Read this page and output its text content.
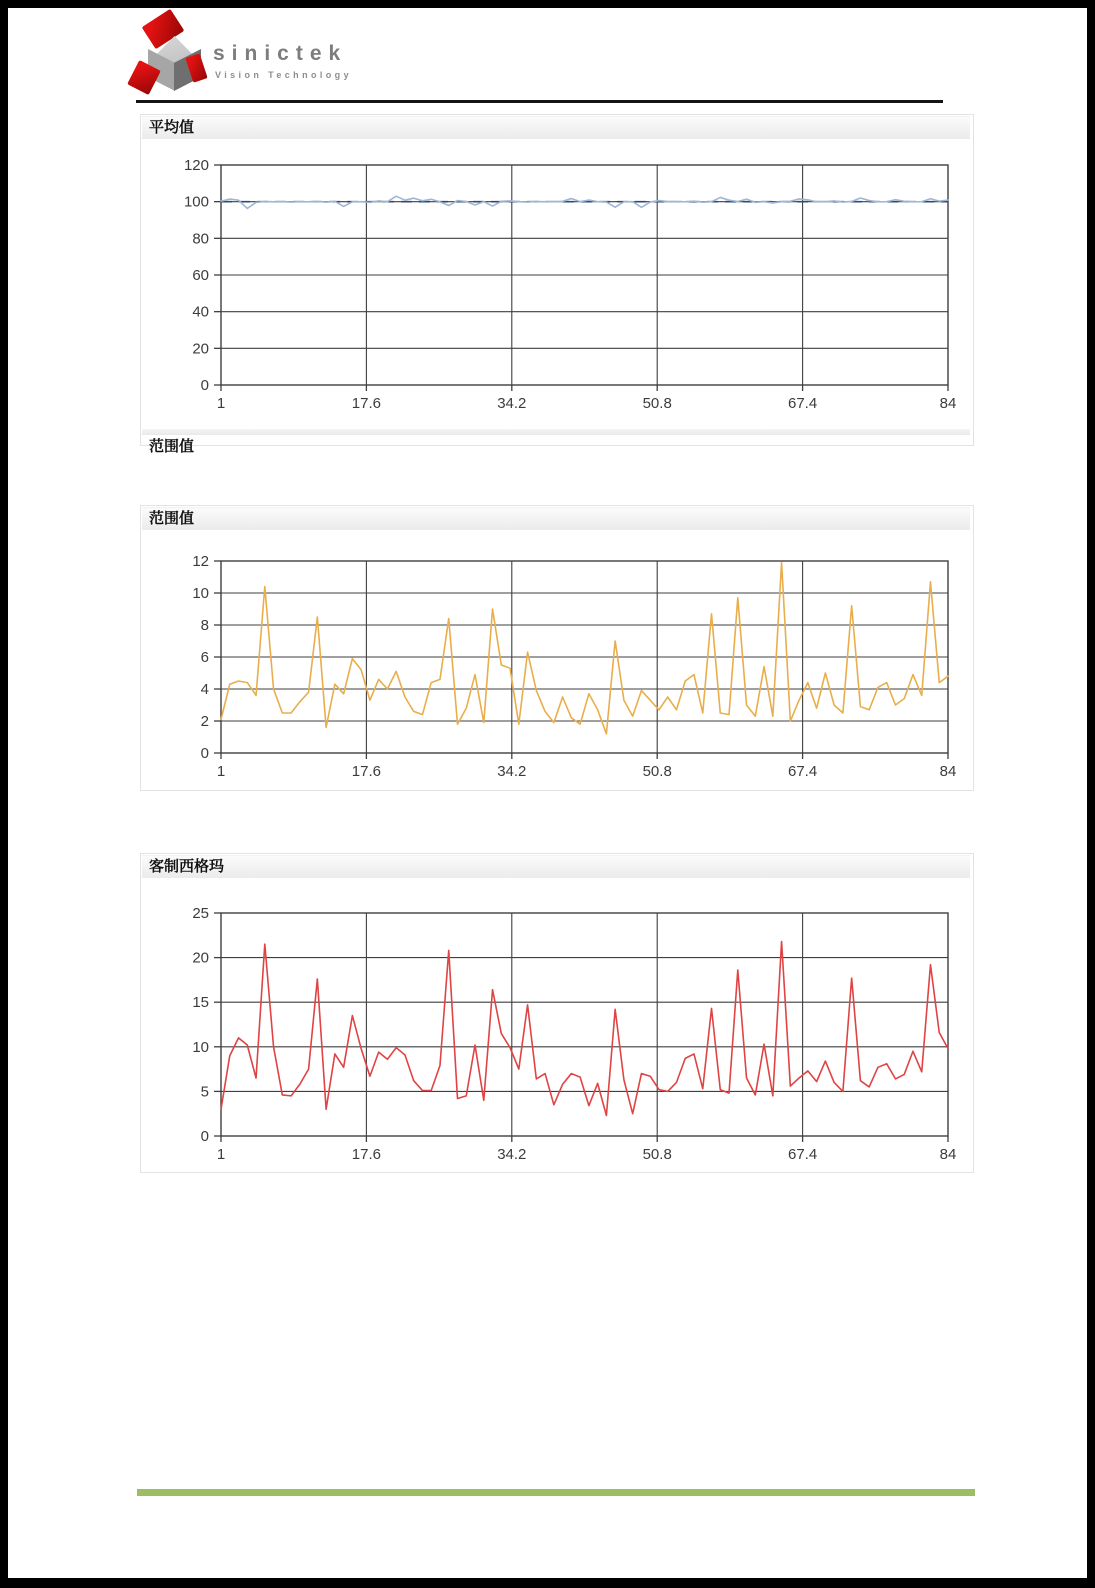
sinictek
Vision Technology
平均值
0
20
40
60
80
100
120
1	17.6	34.2	50.8	67.4	84
范围值
范围值
0
2
4
6
8
10
12
1	17.6	34.2	50.8	67.4	84
客制西格玛
0
5
10
15
20
25
1	17.6	34.2	50.8	67.4	84
